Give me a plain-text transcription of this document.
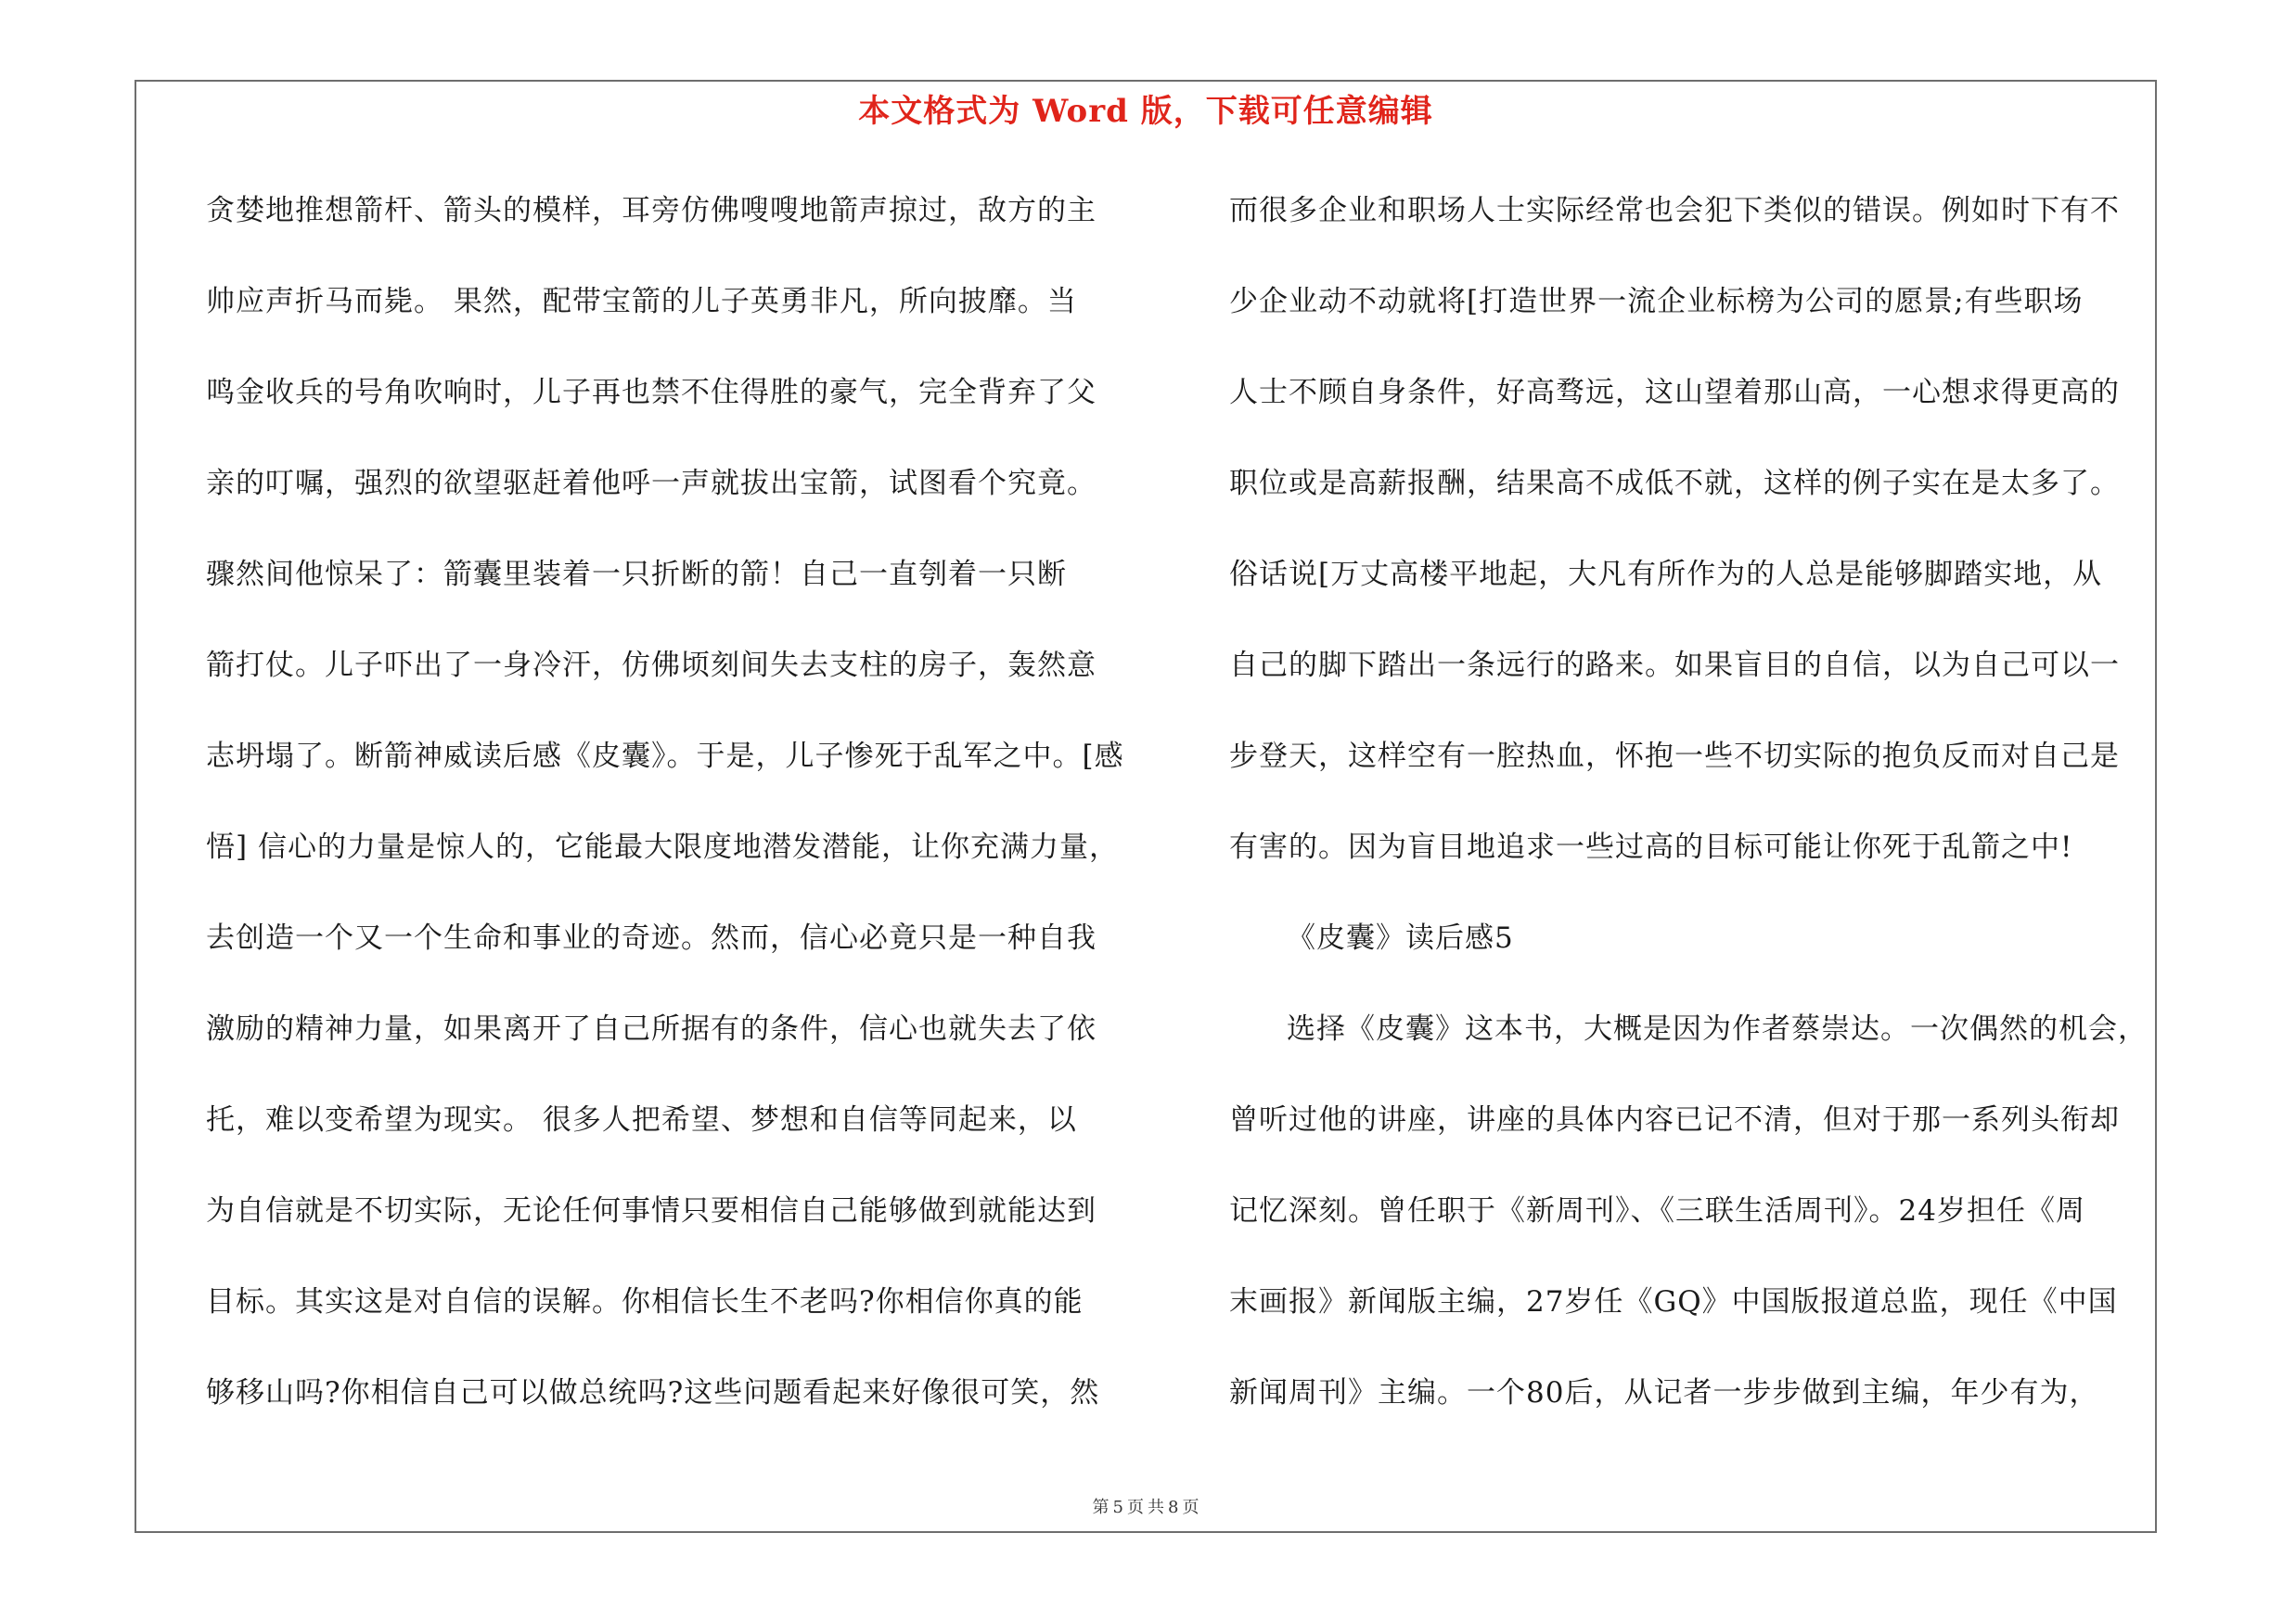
本文格式为 Word 版，下载可任意编辑
贪婪地推想箭杆、箭头的模样，耳旁仿佛嗖嗖地箭声掠过，敌方的主
帅应声折马而毙。 果然，配带宝箭的儿子英勇非凡，所向披靡。当
鸣金收兵的号角吹响时，儿子再也禁不住得胜的豪气，完全背弃了父
亲的叮嘱，强烈的欲望驱赶着他呼一声就拔出宝箭，试图看个究竟。
骤然间他惊呆了：箭囊里装着一只折断的箭！自己一直刳着一只断
箭打仗。儿子吓出了一身冷汗，仿佛顷刻间失去支柱的房子，轰然意
志坍塌了。断箭神威读后感《皮囊》。于是，儿子惨死于乱军之中。[感
悟] 信心的力量是惊人的，它能最大限度地潜发潜能，让你充满力量，
去创造一个又一个生命和事业的奇迹。然而，信心必竟只是一种自我
激励的精神力量，如果离开了自己所据有的条件，信心也就失去了依
托，难以变希望为现实。 很多人把希望、梦想和自信等同起来，以
为自信就是不切实际，无论任何事情只要相信自己能够做到就能达到
目标。其实这是对自信的误解。你相信长生不老吗?你相信你真的能
够移山吗?你相信自己可以做总统吗?这些问题看起来好像很可笑，然
而很多企业和职场人士实际经常也会犯下类似的错误。例如时下有不
少企业动不动就将[打造世界一流企业标榜为公司的愿景;有些职场
人士不顾自身条件，好高骛远，这山望着那山高，一心想求得更高的
职位或是高薪报酬，结果高不成低不就，这样的例子实在是太多了。
俗话说[万丈高楼平地起，大凡有所作为的人总是能够脚踏实地，从
自己的脚下踏出一条远行的路来。如果盲目的自信，以为自己可以一
步登天，这样空有一腔热血，怀抱一些不切实际的抱负反而对自己是
有害的。因为盲目地追求一些过高的目标可能让你死于乱箭之中!
《皮囊》读后感5
选择《皮囊》这本书，大概是因为作者蔡崇达。一次偶然的机会，
曾听过他的讲座，讲座的具体内容已记不清，但对于那一系列头衔却
记忆深刻。曾任职于《新周刊》、《三联生活周刊》。24岁担任《周
末画报》新闻版主编，27岁任《GQ》中国版报道总监，现任《中国
新闻周刊》主编。一个80后，从记者一步步做到主编，年少有为，
第 5 页 共 8 页
